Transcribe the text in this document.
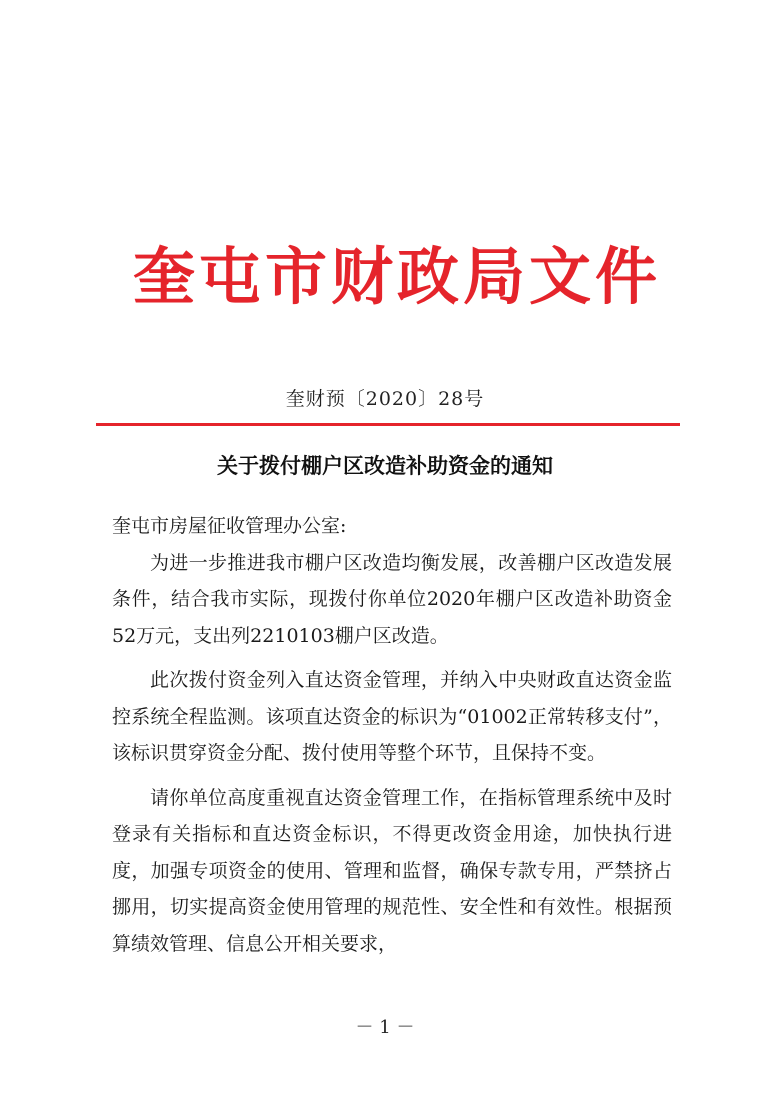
奎屯市财政局文件
奎财预〔2020〕28号
关于拨付棚户区改造补助资金的通知

奎屯市房屋征收管理办公室:

为进一步推进我市棚户区改造均衡发展，改善棚户区改造发展条件，结合我市实际，现拨付你单位2020年棚户区改造补助资金52万元，支出列2210103棚户区改造。

此次拨付资金列入直达资金管理，并纳入中央财政直达资金监控系统全程监测。该项直达资金的标识为“01002正常转移支付”，该标识贯穿资金分配、拨付使用等整个环节，且保持不变。

请你单位高度重视直达资金管理工作，在指标管理系统中及时登录有关指标和直达资金标识，不得更改资金用途，加快执行进度，加强专项资金的使用、管理和监督，确保专款专用，严禁挤占挪用，切实提高资金使用管理的规范性、安全性和有效性。根据预算绩效管理、信息公开相关要求，

－ 1 －
